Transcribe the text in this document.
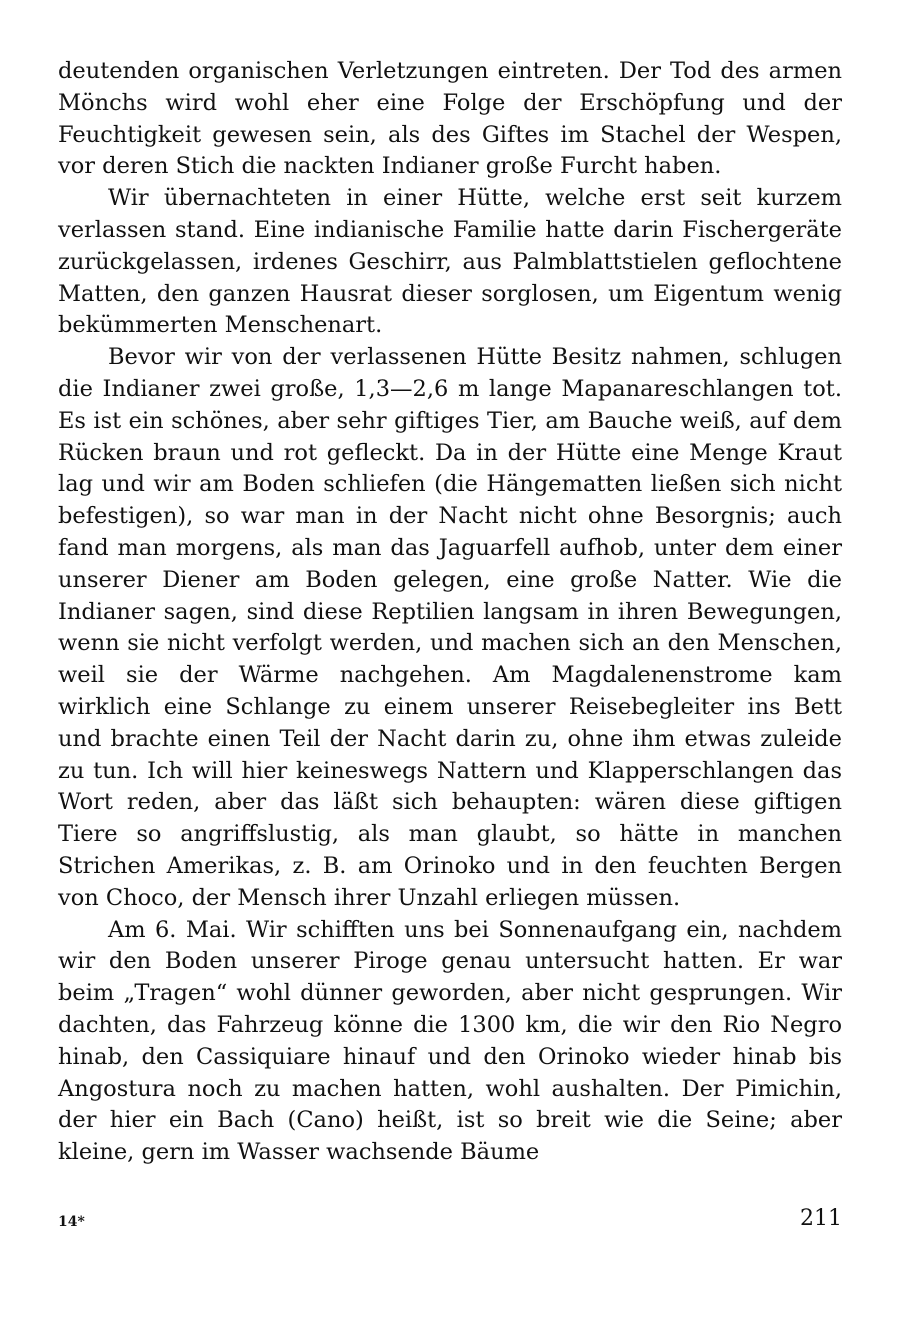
deutenden organischen Verletzungen eintreten. Der Tod des armen Mönchs wird wohl eher eine Folge der Erschöpfung und der Feuchtigkeit gewesen sein, als des Giftes im Stachel der Wespen, vor deren Stich die nackten Indianer große Furcht haben.

Wir übernachteten in einer Hütte, welche erst seit kurzem verlassen stand. Eine indianische Familie hatte darin Fischergeräte zurückgelassen, irdenes Geschirr, aus Palmblattstielen geflochtene Matten, den ganzen Hausrat dieser sorglosen, um Eigentum wenig bekümmerten Menschenart.

Bevor wir von der verlassenen Hütte Besitz nahmen, schlugen die Indianer zwei große, 1,3—2,6 m lange Mapanareschlangen tot. Es ist ein schönes, aber sehr giftiges Tier, am Bauche weiß, auf dem Rücken braun und rot gefleckt. Da in der Hütte eine Menge Kraut lag und wir am Boden schliefen (die Hängematten ließen sich nicht befestigen), so war man in der Nacht nicht ohne Besorgnis; auch fand man morgens, als man das Jaguarfell aufhob, unter dem einer unserer Diener am Boden gelegen, eine große Natter. Wie die Indianer sagen, sind diese Reptilien langsam in ihren Bewegungen, wenn sie nicht verfolgt werden, und machen sich an den Menschen, weil sie der Wärme nachgehen. Am Magdalenenstrome kam wirklich eine Schlange zu einem unserer Reisebegleiter ins Bett und brachte einen Teil der Nacht darin zu, ohne ihm etwas zuleide zu tun. Ich will hier keineswegs Nattern und Klapperschlangen das Wort reden, aber das läßt sich behaupten: wären diese giftigen Tiere so angriffslustig, als man glaubt, so hätte in manchen Strichen Amerikas, z. B. am Orinoko und in den feuchten Bergen von Choco, der Mensch ihrer Unzahl erliegen müssen.

Am 6. Mai. Wir schifften uns bei Sonnenaufgang ein, nachdem wir den Boden unserer Piroge genau untersucht hatten. Er war beim „Tragen“ wohl dünner geworden, aber nicht gesprungen. Wir dachten, das Fahrzeug könne die 1300 km, die wir den Rio Negro hinab, den Cassiquiare hinauf und den Orinoko wieder hinab bis Angostura noch zu machen hatten, wohl aushalten. Der Pimichin, der hier ein Bach (Cano) heißt, ist so breit wie die Seine; aber kleine, gern im Wasser wachsende Bäume

14*	211
